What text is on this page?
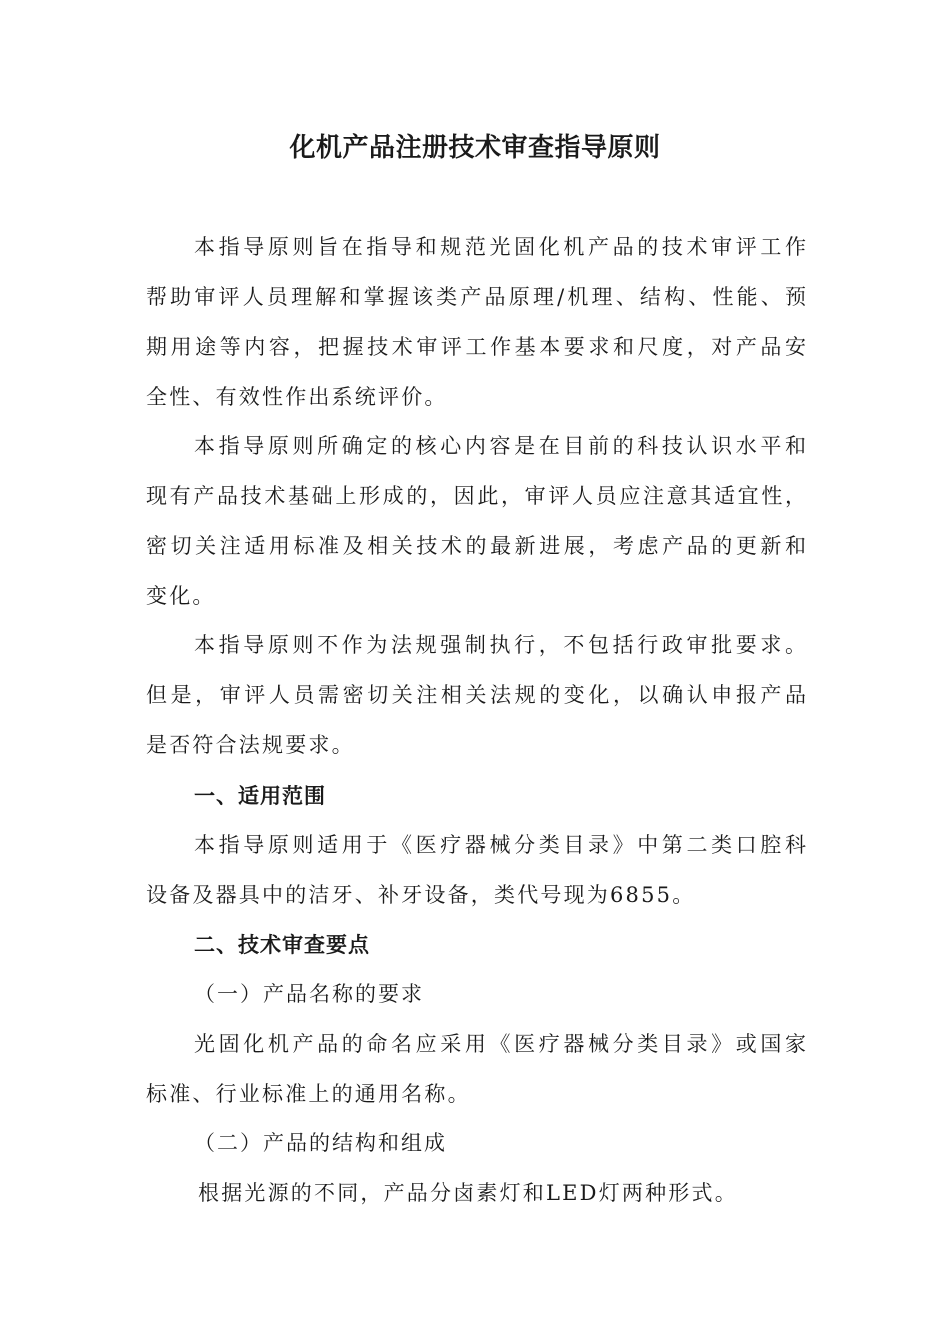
化机产品注册技术审查指导原则
本指导原则旨在指导和规范光固化机产品的技术审评工作
帮助审评人员理解和掌握该类产品原理/机理、结构、性能、预
期用途等内容，把握技术审评工作基本要求和尺度，对产品安
全性、有效性作出系统评价。
本指导原则所确定的核心内容是在目前的科技认识水平和
现有产品技术基础上形成的，因此，审评人员应注意其适宜性，
密切关注适用标准及相关技术的最新进展，考虑产品的更新和
变化。
本指导原则不作为法规强制执行，不包括行政审批要求。
但是，审评人员需密切关注相关法规的变化，以确认申报产品
是否符合法规要求。
一、适用范围
本指导原则适用于《医疗器械分类目录》中第二类口腔科
设备及器具中的洁牙、补牙设备，类代号现为6855。
二、技术审查要点
（一）产品名称的要求
光固化机产品的命名应采用《医疗器械分类目录》或国家
标准、行业标准上的通用名称。
（二）产品的结构和组成
根据光源的不同，产品分卤素灯和LED灯两种形式。
